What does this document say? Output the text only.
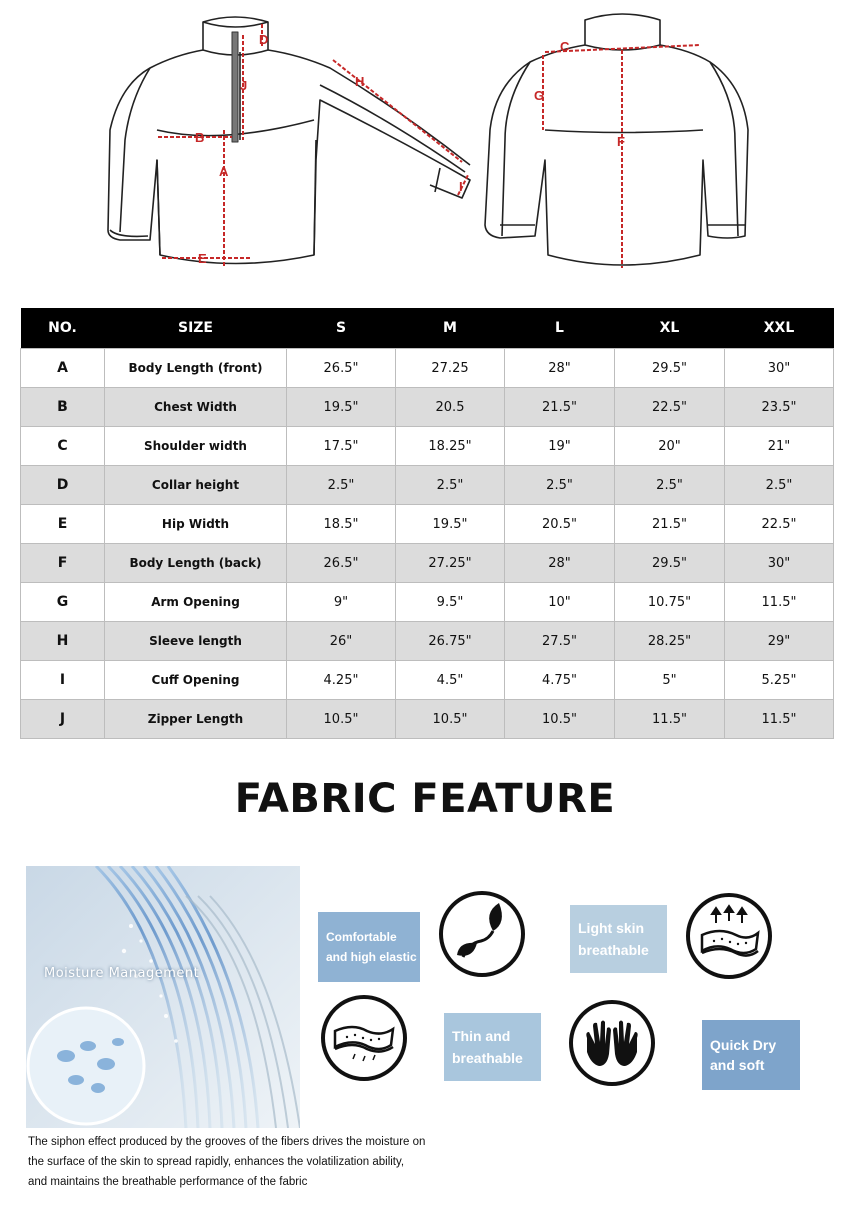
A
B
D
E
H
I
J
C
F
G
NO.	SIZE	S	M	L	XL	XXL
A	Body Length (front)	26.5"	27.25	28"	29.5"	30"
B	Chest Width	19.5"	20.5	21.5"	22.5"	23.5"
C	Shoulder width	17.5"	18.25"	19"	20"	21"
D	Collar height	2.5"	2.5"	2.5"	2.5"	2.5"
E	Hip Width	18.5"	19.5"	20.5"	21.5"	22.5"
F	Body Length (back)	26.5"	27.25"	28"	29.5"	30"
G	Arm Opening	9"	9.5"	10"	10.75"	11.5"
H	Sleeve length	26"	26.75"	27.5"	28.25"	29"
I	Cuff Opening	4.25"	4.5"	4.75"	5"	5.25"
J	Zipper Length	10.5"	10.5"	10.5"	11.5"	11.5"
FABRIC FEATURE
Moisture Management
The siphon effect produced by the grooves of the fibers drives the moisture on
the surface of the skin to spread rapidly, enhances the volatilization ability,
and maintains the breathable performance of the fabric
Comfortable
and high elastic
Light skin
breathable
Thin and
breathable
Quick Dry
and soft
